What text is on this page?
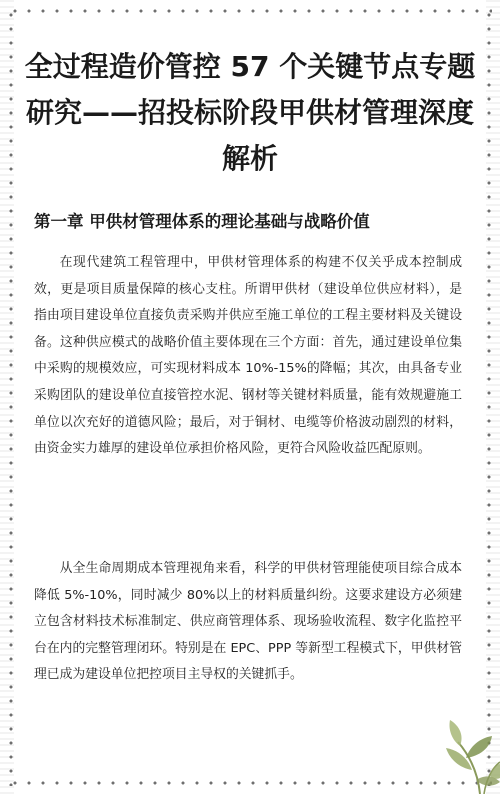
全过程造价管控 57 个关键节点专题研究——招投标阶段甲供材管理深度解析
第一章 甲供材管理体系的理论基础与战略价值

在现代建筑工程管理中，甲供材管理体系的构建不仅关乎成本控制成效，更是项目质量保障的核心支柱。所谓甲供材（建设单位供应材料），是指由项目建设单位直接负责采购并供应至施工单位的工程主要材料及关键设备。这种供应模式的战略价值主要体现在三个方面：首先，通过建设单位集中采购的规模效应，可实现材料成本 10%-15%的降幅；其次，由具备专业采购团队的建设单位直接管控水泥、钢材等关键材料质量，能有效规避施工单位以次充好的道德风险；最后，对于铜材、电缆等价格波动剧烈的材料，由资金实力雄厚的建设单位承担价格风险，更符合风险收益匹配原则。

从全生命周期成本管理视角来看，科学的甲供材管理能使项目综合成本降低 5%-10%，同时减少 80%以上的材料质量纠纷。这要求建设方必须建立包含材料技术标准制定、供应商管理体系、现场验收流程、数字化监控平台在内的完整管理闭环。特别是在 EPC、PPP 等新型工程模式下，甲供材管理已成为建设单位把控项目主导权的关键抓手。
